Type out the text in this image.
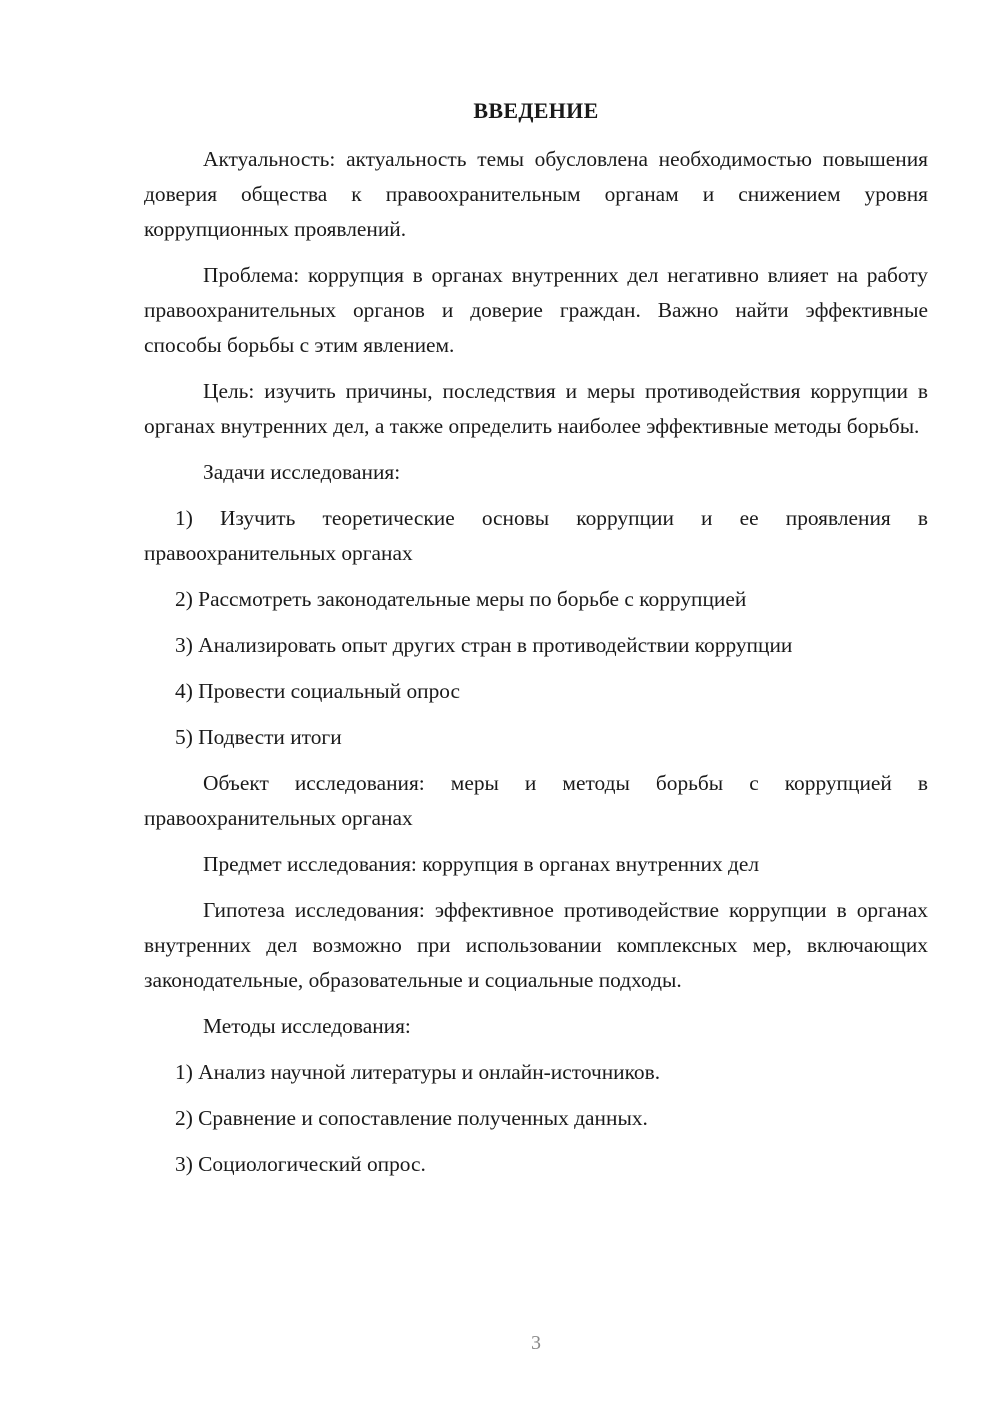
ВВЕДЕНИЕ

Актуальность: актуальность темы обусловлена необходимостью повышения доверия общества к правоохранительным органам и снижением уровня коррупционных проявлений.

Проблема: коррупция в органах внутренних дел негативно влияет на работу правоохранительных органов и доверие граждан. Важно найти эффективные способы борьбы с этим явлением.

Цель: изучить причины, последствия и меры противодействия коррупции в органах внутренних дел, а также определить наиболее эффективные методы борьбы.

Задачи исследования:

1) Изучить теоретические основы коррупции и ее проявления в правоохранительных органах

2) Рассмотреть законодательные меры по борьбе с коррупцией

3) Анализировать опыт других стран в противодействии коррупции

4) Провести социальный опрос

5) Подвести итоги

Объект исследования: меры и методы борьбы с коррупцией в правоохранительных органах

Предмет исследования: коррупция в органах внутренних дел

Гипотеза исследования: эффективное противодействие коррупции в органах внутренних дел возможно при использовании комплексных мер, включающих законодательные, образовательные и социальные подходы.

Методы исследования:

1) Анализ научной литературы и онлайн-источников.

2) Сравнение и сопоставление полученных данных.

3) Социологический опрос.

3
